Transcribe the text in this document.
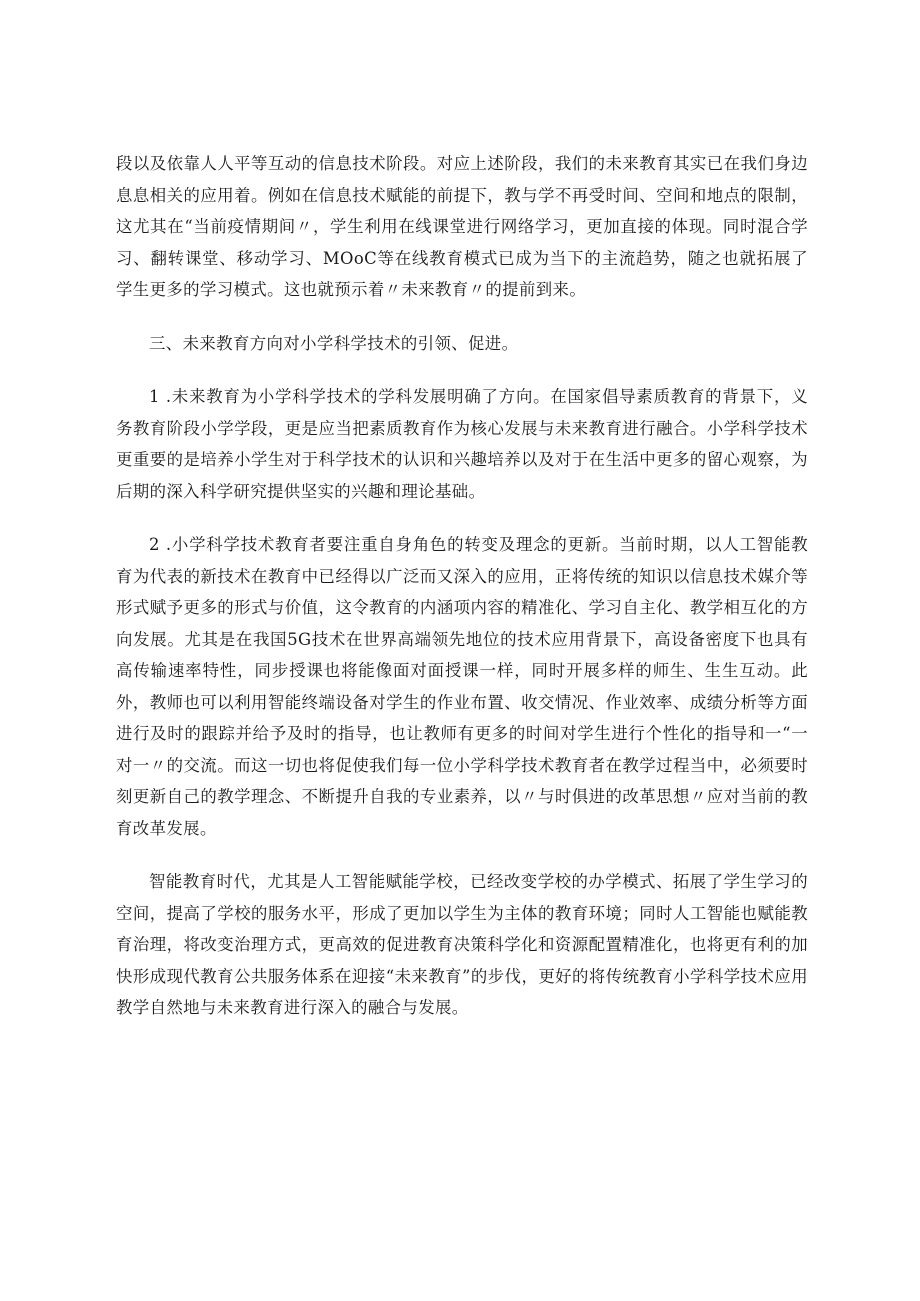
段以及依靠人人平等互动的信息技术阶段。对应上述阶段，我们的未来教育其实已在我们身边息息相关的应用着。例如在信息技术赋能的前提下，教与学不再受时间、空间和地点的限制，这尤其在“当前疫情期间〃，学生利用在线课堂进行网络学习，更加直接的体现。同时混合学习、翻转课堂、移动学习、MOoC等在线教育模式已成为当下的主流趋势，随之也就拓展了学生更多的学习模式。这也就预示着〃未来教育〃的提前到来。

三、未来教育方向对小学科学技术的引领、促进。

1 .未来教育为小学科学技术的学科发展明确了方向。在国家倡导素质教育的背景下，义务教育阶段小学学段，更是应当把素质教育作为核心发展与未来教育进行融合。小学科学技术更重要的是培养小学生对于科学技术的认识和兴趣培养以及对于在生活中更多的留心观察，为后期的深入科学研究提供坚实的兴趣和理论基础。

2 .小学科学技术教育者要注重自身角色的转变及理念的更新。当前时期，以人工智能教育为代表的新技术在教育中已经得以广泛而又深入的应用，正将传统的知识以信息技术媒介等形式赋予更多的形式与价值，这令教育的内涵项内容的精准化、学习自主化、教学相互化的方向发展。尤其是在我国5G技术在世界高端领先地位的技术应用背景下，高设备密度下也具有高传输速率特性，同步授课也将能像面对面授课一样，同时开展多样的师生、生生互动。此外，教师也可以利用智能终端设备对学生的作业布置、收交情况、作业效率、成绩分析等方面进行及时的跟踪并给予及时的指导，也让教师有更多的时间对学生进行个性化的指导和一“一对一〃的交流。而这一切也将促使我们每一位小学科学技术教育者在教学过程当中，必须要时刻更新自己的教学理念、不断提升自我的专业素养，以〃与时俱进的改革思想〃应对当前的教育改革发展。

智能教育时代，尤其是人工智能赋能学校，已经改变学校的办学模式、拓展了学生学习的空间，提高了学校的服务水平，形成了更加以学生为主体的教育环境；同时人工智能也赋能教育治理，将改变治理方式，更高效的促进教育决策科学化和资源配置精准化，也将更有利的加快形成现代教育公共服务体系在迎接“未来教育”的步伐，更好的将传统教育小学科学技术应用教学自然地与未来教育进行深入的融合与发展。
